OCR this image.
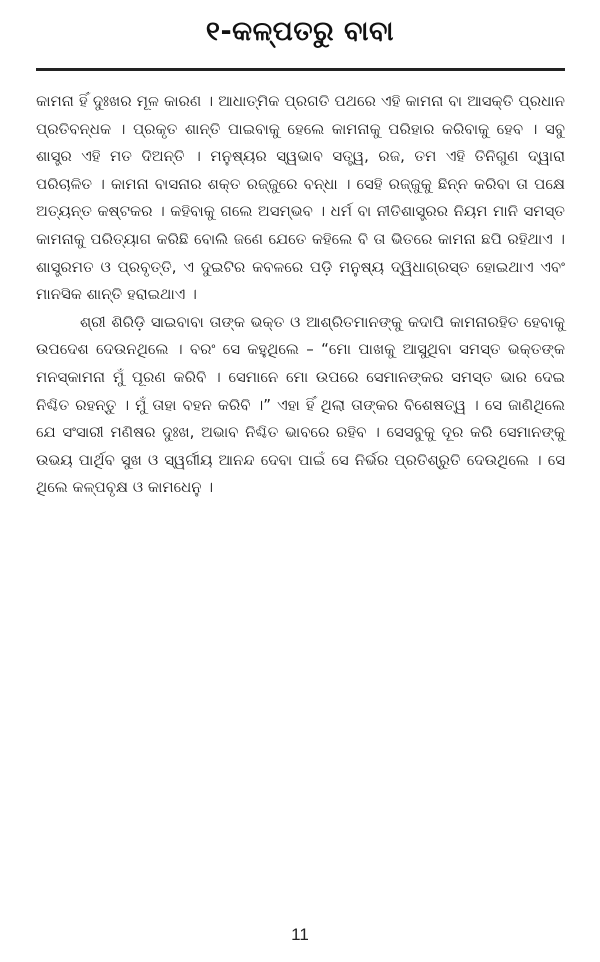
୧-କଳ୍ପତରୁ ବାବା

କାମନା ହିଁ ଦୁଃଖର ମୂଳ କାରଣ । ଆଧାତ୍ମିକ ପ୍ରଗତି ପଥରେ ଏହି କାମନା ବା ଆସକ୍ତି ପ୍ରଧାନ ପ୍ରତିବନ୍ଧକ । ପ୍ରକୃତ ଶାନ୍ତି ପାଇବାକୁ ହେଲେ କାମନାକୁ ପରିହାର କରିବାକୁ ହେବ । ସବୁ ଶାସ୍ତ୍ର ଏହି ମତ ଦିଅନ୍ତି । ମନୁଷ୍ୟର ସ୍ୱଭାବ ସତ୍ତ୍ୱ, ରଜ, ତମ ଏହି ତିନିଗୁଣ ଦ୍ୱାରା ପରିଚାଳିତ । କାମନା ବାସନାର ଶକ୍ତ ରଜ୍ଜୁରେ ବନ୍ଧା । ସେହି ରଜ୍ଜୁକୁ ଛିନ୍ନ କରିବା ତା ପକ୍ଷେ ଅତ୍ୟନ୍ତ କଷ୍ଟକର । କହିବାକୁ ଗଲେ ଅସମ୍ଭବ । ଧର୍ମ ବା ନୀତିଶାସ୍ତ୍ରର ନିୟମ ମାନି ସମସ୍ତ କାମନାକୁ ପରିତ୍ୟାଗ କରିଛି ବୋଲି ଜଣେ ଯେତେ କହିଲେ ବି ତା ଭିତରେ କାମନା ଛପି ରହିଥାଏ । ଶାସ୍ତ୍ରମତ ଓ ପ୍ରବୃତ୍ତି, ଏ ଦୁଇଟିର କବଳରେ ପଡ଼ି ମନୁଷ୍ୟ ଦ୍ୱିଧାଗ୍ରସ୍ତ ହୋଇଥାଏ ଏବଂ ମାନସିକ ଶାନ୍ତି ହରାଇଥାଏ ।

ଶ୍ରୀ ଶିରିଡ଼ି ସାଇବାବା ତାଙ୍କ ଭକ୍ତ ଓ ଆଶ୍ରିତମାନଙ୍କୁ କଦାପି କାମନାରହିତ ହେବାକୁ ଉପଦେଶ ଦେଉନଥିଲେ । ବରଂ ସେ କହୁଥିଲେ – “ମୋ ପାଖକୁ ଆସୁଥିବା ସମସ୍ତ ଭକ୍ତଙ୍କ ମନସ୍କାମନା ମୁଁ ପୂରଣ କରିବି । ସେମାନେ ମୋ ଉପରେ ସେମାନଙ୍କର ସମସ୍ତ ଭାର ଦେଇ ନିଶ୍ଚିତ ରହନ୍ତୁ । ମୁଁ ତାହା ବହନ କରିବି ।” ଏହା ହିଁ ଥିଲା ତାଙ୍କର ବିଶେଷତ୍ୱ । ସେ ଜାଣିଥିଲେ ଯେ ସଂସାରୀ ମଣିଷର ଦୁଃଖ, ଅଭାବ ନିଶ୍ଚିତ ଭାବରେ ରହିବ । ସେସବୁକୁ ଦୂର କରି ସେମାନଙ୍କୁ ଉଭୟ ପାର୍ଥିବ ସୁଖ ଓ ସ୍ୱର୍ଗୀୟ ଆନନ୍ଦ ଦେବା ପାଇଁ ସେ ନିର୍ଭର ପ୍ରତିଶ୍ରୁତି ଦେଉଥିଲେ । ସେ ଥିଲେ କଳ୍ପବୃକ୍ଷ ଓ କାମଧେନୁ ।

11
